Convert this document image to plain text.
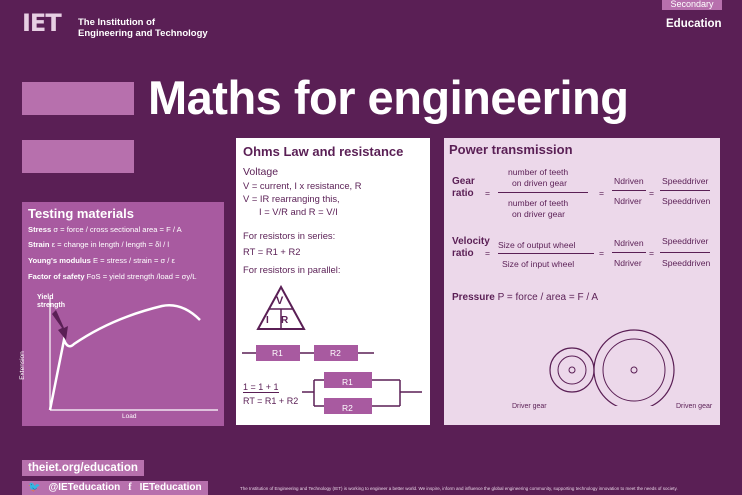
IET The Institution of
Engineering and Technology
Secondary
Education
Maths for engineering
Testing materials
Stress σ = force / cross sectional area = F / A
Strain ε = change in length / length = δl / l
Young's modulus E = stress / strain = σ / ε
Factor of safety FoS = yield strength /load = σy/L
Yield
strength
Extension
Load
Ohms Law and resistance
Voltage
V = current, I x resistance, R
V = IR rearranging this,
I = V/R and R = V/I
For resistors in series:
RT = R1 + R2
For resistors in parallel:
V
I R
R1	R2
1 = 1 + 1
RT = R1 + R2
R1
R2
Power transmission
Gear
ratio =
number of teeth
on driven gear
number of teeth
on driver gear
=
Ndriven
Ndriver
=
Speeddriver
Speeddriven
Velocity
ratio =
Size of output wheel
Size of input wheel
=
Ndriven
Ndriver
=
Speeddriver
Speeddriven
Pressure P = force / area = F / A
Driver gear	Driven gear
theiet.org/education
🐦 @IETeducation f IETeducation	The Institution of Engineering and Technology (IET) is working to engineer a better world. We inspire, inform and influence the global engineering community, supporting technology innovation to meet the needs of society.
